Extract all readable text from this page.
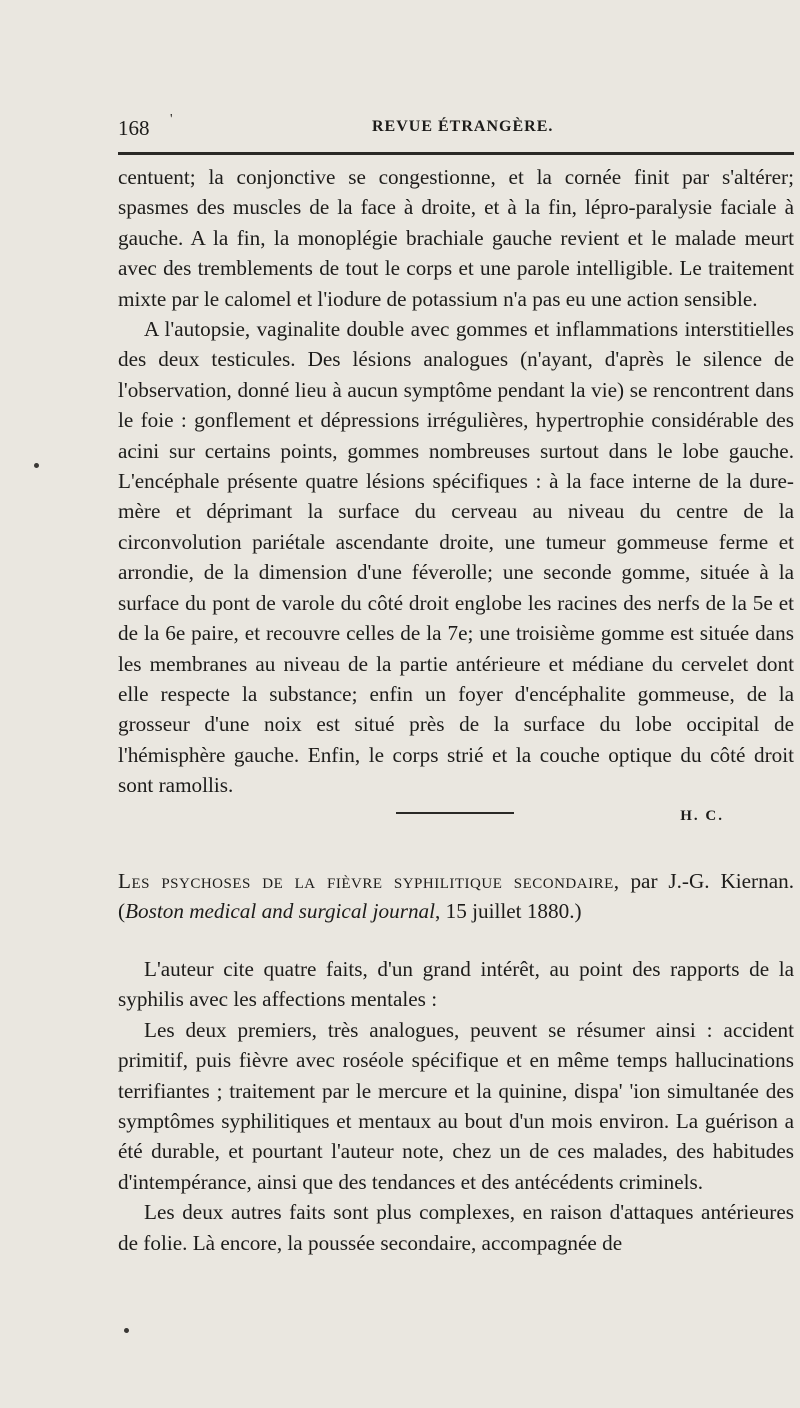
168 '	REVUE ÉTRANGÈRE.

centuent; la conjonctive se congestionne, et la cornée finit par s'altérer; spasmes des muscles de la face à droite, et à la fin, lépro-paralysie faciale à gauche. A la fin, la monoplégie brachiale gauche revient et le malade meurt avec des tremblements de tout le corps et une parole intelligible. Le traitement mixte par le calomel et l'iodure de potassium n'a pas eu une action sensible.

A l'autopsie, vaginalite double avec gommes et inflammations interstitielles des deux testicules. Des lésions analogues (n'ayant, d'après le silence de l'observation, donné lieu à aucun symptôme pendant la vie) se rencontrent dans le foie : gonflement et dépressions irrégulières, hypertrophie considérable des acini sur certains points, gommes nombreuses surtout dans le lobe gauche. L'encéphale présente quatre lésions spécifiques : à la face interne de la dure-mère et déprimant la surface du cerveau au niveau du centre de la circonvolution pariétale ascendante droite, une tumeur gommeuse ferme et arrondie, de la dimension d'une féverolle; une seconde gomme, située à la surface du pont de varole du côté droit englobe les racines des nerfs de la 5e et de la 6e paire, et recouvre celles de la 7e; une troisième gomme est située dans les membranes au niveau de la partie antérieure et médiane du cervelet dont elle respecte la substance; enfin un foyer d'encéphalite gommeuse, de la grosseur d'une noix est situé près de la surface du lobe occipital de l'hémisphère gauche. Enfin, le corps strié et la couche optique du côté droit sont ramollis.

H. C.

Les psychoses de la fièvre syphilitique secondaire, par J.-G. Kiernan. (Boston medical and surgical journal, 15 juillet 1880.)

L'auteur cite quatre faits, d'un grand intérêt, au point des rapports de la syphilis avec les affections mentales :

Les deux premiers, très analogues, peuvent se résumer ainsi : accident primitif, puis fièvre avec roséole spécifique et en même temps hallucinations terrifiantes ; traitement par le mercure et la quinine, dispa' 'ion simultanée des symptômes syphilitiques et mentaux au bout d'un mois environ. La guérison a été durable, et pourtant l'auteur note, chez un de ces malades, des habitudes d'intempérance, ainsi que des tendances et des antécédents criminels.

Les deux autres faits sont plus complexes, en raison d'attaques antérieures de folie. Là encore, la poussée secondaire, accompagnée de
